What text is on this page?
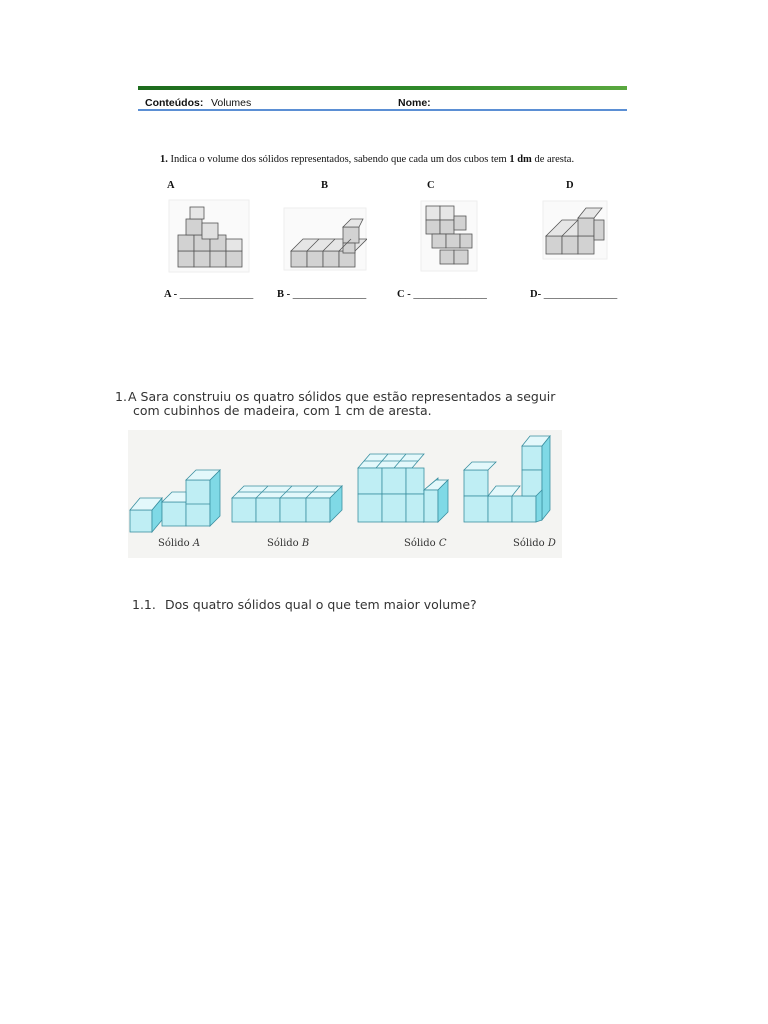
Conteúdos: Volumes	Nome:
1. Indica o volume dos sólidos representados, sabendo que cada um dos cubos tem 1 dm de aresta.
A	B	C	D
A - ______________ B - ______________	C - ______________	D- ______________
1. A Sara construiu os quatro sólidos que estão representados a seguir
com cubinhos de madeira, com 1 cm de aresta.
Sólido A	Sólido B	Sólido C	Sólido D
1.1. Dos quatro sólidos qual o que tem maior volume?
